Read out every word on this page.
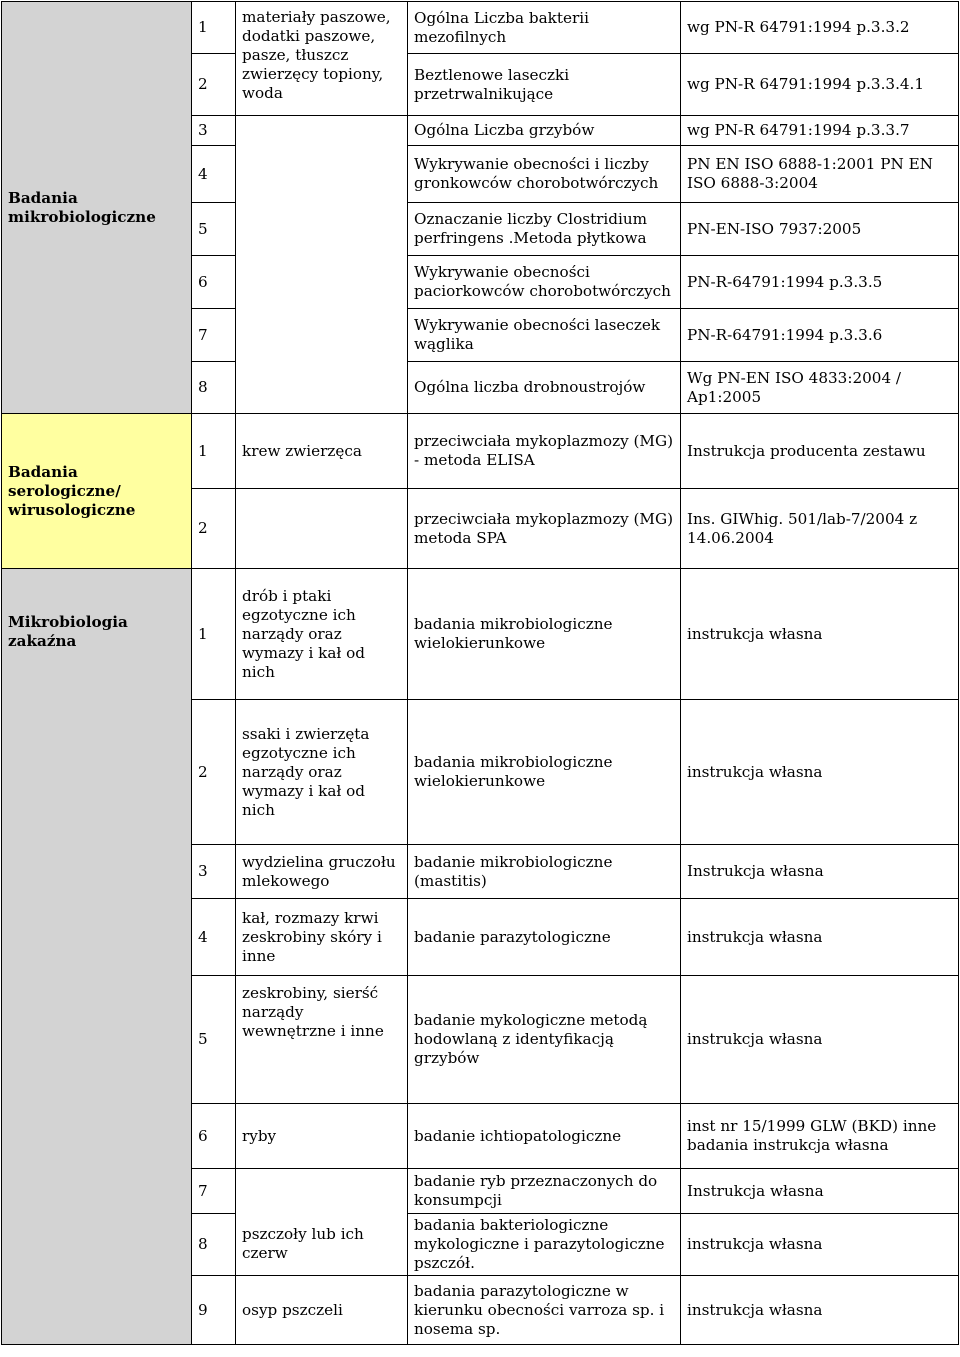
Badania mikrobiologiczne	1	materiały paszowe, dodatki paszowe, pasze, tłuszcz zwierzęcy topiony, woda	Ogólna Liczba bakterii mezofilnych	wg PN-R 64791:1994 p.3.3.2
	2		Beztlenowe laseczki przetrwalnikujące	wg PN-R 64791:1994 p.3.3.4.1
	3		Ogólna Liczba grzybów	wg PN-R 64791:1994 p.3.3.7
	4		Wykrywanie obecności i liczby gronkowców chorobotwórczych	PN EN ISO 6888-1:2001 PN EN ISO 6888-3:2004
	5		Oznaczanie liczby Clostridium perfringens .Metoda płytkowa	PN-EN-ISO 7937:2005
	6		Wykrywanie obecności paciorkowców chorobotwórczych	PN-R-64791:1994 p.3.3.5
	7		Wykrywanie obecności laseczek wąglika	PN-R-64791:1994 p.3.3.6
	8		Ogólna liczba drobnoustrojów	Wg PN-EN ISO 4833:2004 / Ap1:2005
Badania serologiczne/ wirusologiczne	1	krew zwierzęca	przeciwciała mykoplazmozy (MG) - metoda ELISA	Instrukcja producenta zestawu
	2		przeciwciała mykoplazmozy (MG) metoda SPA	Ins. GIWhig. 501/lab-7/2004 z 14.06.2004
Mikrobiologia zakaźna	1	drób i ptaki egzotyczne ich narządy oraz wymazy i kał od nich	badania mikrobiologiczne wielokierunkowe	instrukcja własna
	2	ssaki i zwierzęta egzotyczne ich narządy oraz wymazy i kał od nich	badania mikrobiologiczne wielokierunkowe	instrukcja własna
	3	wydzielina gruczołu mlekowego	badanie mikrobiologiczne (mastitis)	Instrukcja własna
	4	kał, rozmazy krwi zeskrobiny skóry i inne	badanie parazytologiczne	instrukcja własna
	5	zeskrobiny, sierść narządy wewnętrzne i inne	badanie mykologiczne metodą hodowlaną z identyfikacją grzybów	instrukcja własna
	6	ryby	badanie ichtiopatologiczne	inst nr 15/1999 GLW (BKD) inne badania instrukcja własna
	7		badanie ryb przeznaczonych do konsumpcji	Instrukcja własna
	8	pszczoły lub ich czerw	badania bakteriologiczne mykologiczne i parazytologiczne pszczół.	instrukcja własna
	9	osyp pszczeli	badania parazytologiczne w kierunku obecności varroza sp. i nosema sp.	instrukcja własna
